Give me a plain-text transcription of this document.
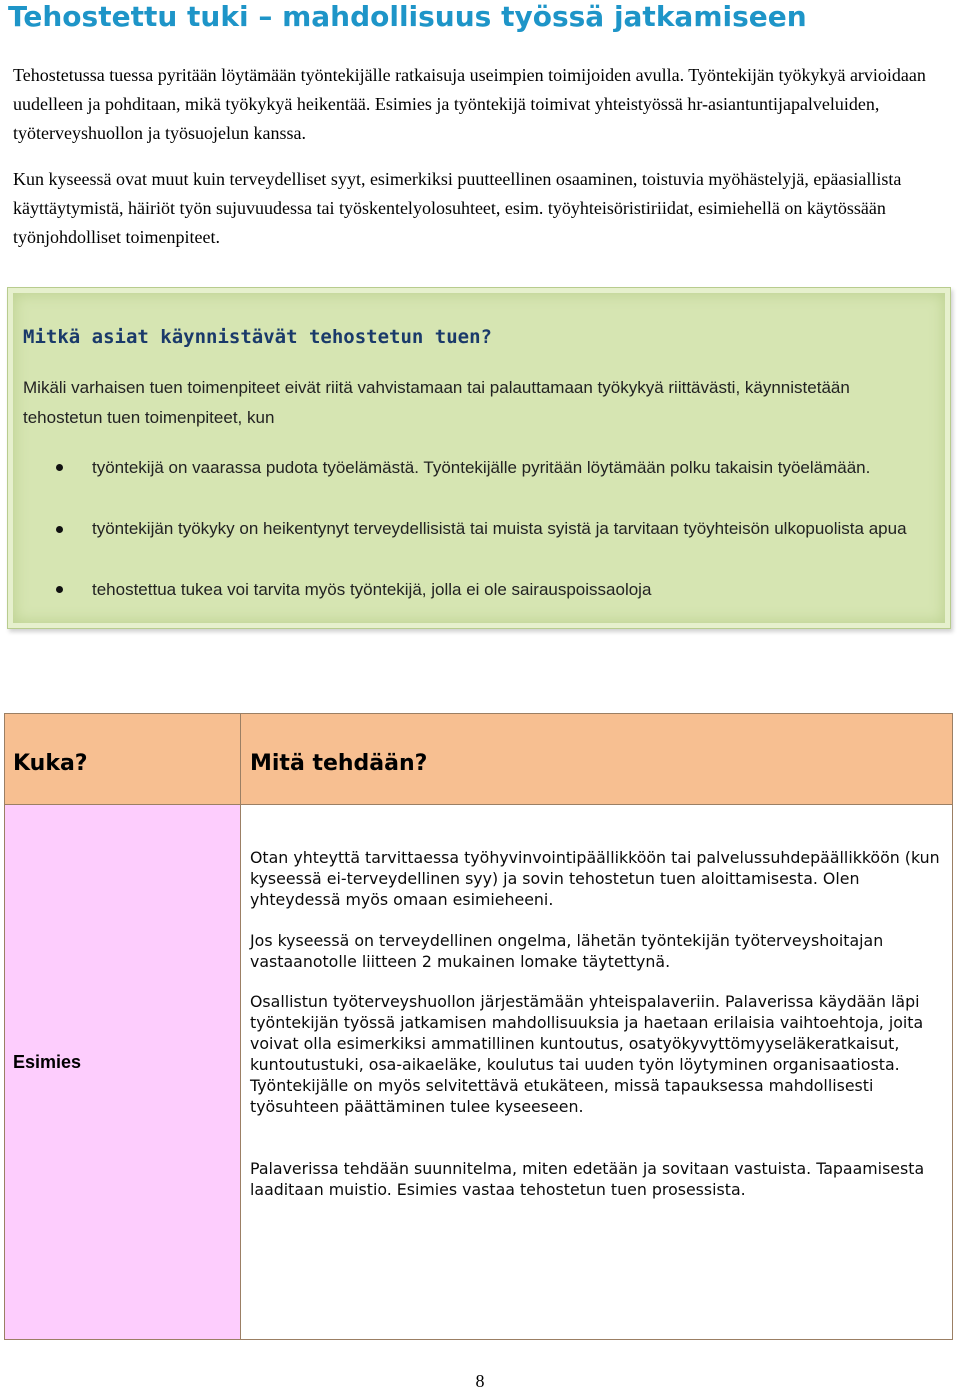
Tehostettu tuki – mahdollisuus työssä jatkamiseen

Tehostetussa tuessa pyritään löytämään työntekijälle ratkaisuja useimpien toimijoiden avulla. Työntekijän työkykyä arvioidaan uudelleen ja pohditaan, mikä työkykyä heikentää. Esimies ja työntekijä toimivat yhteistyössä hr-asiantuntijapalveluiden, työterveyshuollon ja työsuojelun kanssa.

Kun kyseessä ovat muut kuin terveydelliset syyt, esimerkiksi puutteellinen osaaminen, toistuvia myöhästelyjä, epäasiallista käyttäytymistä, häiriöt työn sujuvuudessa tai työskentelyolosuhteet, esim. työyhteisöristiriidat, esimiehellä on käytössään työnjohdolliset toimenpiteet.

Mitkä asiat käynnistävät tehostetun tuen?

Mikäli varhaisen tuen toimenpiteet eivät riitä vahvistamaan tai palauttamaan työkykyä riittävästi, käynnistetään tehostetun tuen toimenpiteet, kun

työntekijä on vaarassa pudota työelämästä. Työntekijälle pyritään löytämään polku takaisin työelämään.

työntekijän työkyky on heikentynyt terveydellisistä tai muista syistä ja tarvitaan työyhteisön ulkopuolista apua

tehostettua tukea voi tarvita myös työntekijä, jolla ei ole sairauspoissaoloja

Kuka?	Mitä tehdään?

Esimies

Otan yhteyttä tarvittaessa työhyvinvointipäällikköön tai palvelussuhdepäällikköön (kun kyseessä ei-terveydellinen syy) ja sovin tehostetun tuen aloittamisesta. Olen yhteydessä myös omaan esimieheeni.

Jos kyseessä on terveydellinen ongelma, lähetän työntekijän työterveyshoitajan vastaanotolle liitteen 2 mukainen lomake täytettynä.

Osallistun työterveyshuollon järjestämään yhteispalaveriin. Palaverissa käydään läpi työntekijän työssä jatkamisen mahdollisuuksia ja haetaan erilaisia vaihtoehtoja, joita voivat olla esimerkiksi ammatillinen kuntoutus, osatyökyvyttömyyseläkeratkaisut, kuntoutustuki, osa-aikaeläke, koulutus tai uuden työn löytyminen organisaatiosta. Työntekijälle on myös selvitettävä etukäteen, missä tapauksessa mahdollisesti työsuhteen päättäminen tulee kyseeseen.

Palaverissa tehdään suunnitelma, miten edetään ja sovitaan vastuista. Tapaamisesta laaditaan muistio. Esimies vastaa tehostetun tuen prosessista.

8
